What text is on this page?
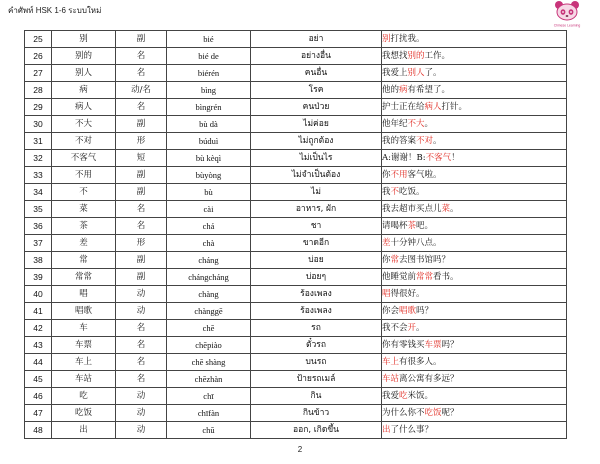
คำศัพท์ HSK 1-6 ระบบใหม่
Chinese Learning
25	别	副	bié	อย่า	别打扰我。
26	别的	名	bié de	อย่างอื่น	我想找别的工作。
27	别人	名	biérén	คนอื่น	我爱上别人了。
28	病	动/名	bìng	โรค	他的病有希望了。
29	病人	名	bìngrén	คนป่วย	护士正在给病人打针。
30	不大	副	bù dà	ไม่ค่อย	他年纪不大。
31	不对	形	búduì	ไม่ถูกต้อง	我的答案不对。
32	不客气	短	bù kèqì	ไม่เป็นไร	A:谢谢！B:不客气！
33	不用	副	bùyòng	ไม่จำเป็นต้อง	你不用客气啦。
34	不	副	bù	ไม่	我不吃饭。
35	菜	名	cài	อาหาร, ผัก	我去超市买点儿菜。
36	茶	名	chá	ชา	请喝杯茶吧。
37	差	形	chà	ขาดอีก	差十分钟八点。
38	常	副	cháng	บ่อย	你常去图书馆吗？
39	常常	副	chángcháng	บ่อยๆ	他睡觉前常常看书。
40	唱	动	chàng	ร้องเพลง	唱得很好。
41	唱歌	动	chànggē	ร้องเพลง	你会唱歌吗？
42	车	名	chē	รถ	我不会开。
43	车票	名	chēpiào	ตั๋วรถ	你有零钱买车票吗？
44	车上	名	chē shàng	บนรถ	车上有很多人。
45	车站	名	chēzhàn	ป้ายรถเมล์	车站离公寓有多远？
46	吃	动	chī	กิน	我爱吃米饭。
47	吃饭	动	chīfàn	กินข้าว	为什么你不吃饭呢？
48	出	动	chū	ออก, เกิดขึ้น	出了什么事？
2
